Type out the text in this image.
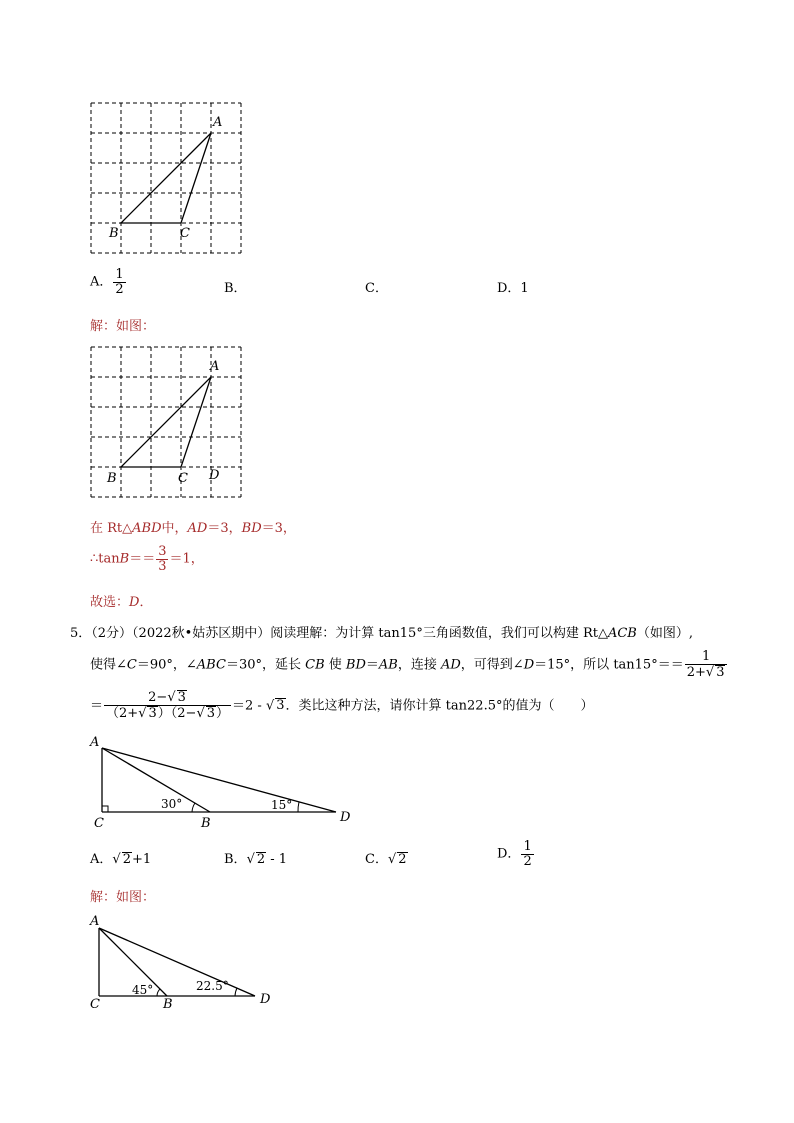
A
B	C
A． $\frac{1}{2}$	B．	C．	D．1
解：如图：
A
B	C D
在 Rt△ABD中，AD＝3，BD＝3，
∴tanB＝＝ $\frac{3}{3} =1$，
故选：D．
5．（2分）（2022秋•姑苏区期中）阅读理解：为计算 tan15°三角函数值，我们可以构建 Rt△ACB（如图）,
使得∠C＝90°，∠ABC＝30°，延长 CB 使 BD＝AB，连接 AD，可得到∠D＝15°，所以 $\tan 15^\circ== \frac{1}{2+√ 3}$
＝ $\frac{2-√ 3}{(2+√ 3)(2-√ 3)} =2$ - √ 3．类比这种方法，请你计算 tan22.5°的值为（　　）
A
C	B	D
30°	15°
A．√ 2+1	B．√ 2 - 1	C．√ 2	D． $\frac{1}{2}$
解：如图：
A
C	B	D
45°	22.5°
